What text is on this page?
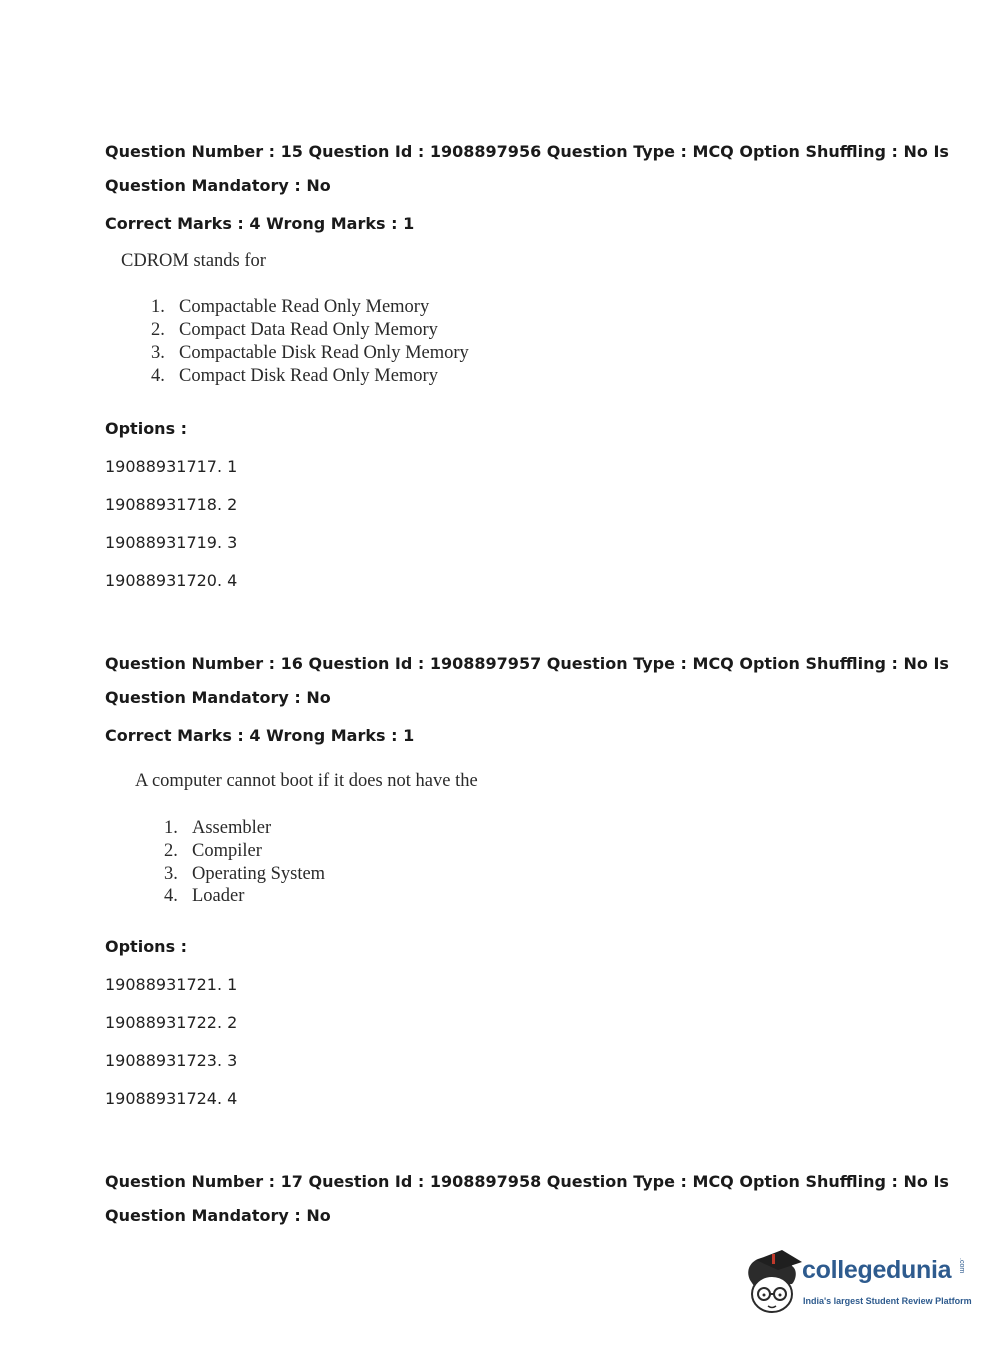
Question Number : 15 Question Id : 1908897956 Question Type : MCQ Option Shuffling : No Is
Question Mandatory : No
Correct Marks : 4 Wrong Marks : 1
CDROM stands for
1. Compactable Read Only Memory
2. Compact Data Read Only Memory
3. Compactable Disk Read Only Memory
4. Compact Disk Read Only Memory
Options :
19088931717. 1
19088931718. 2
19088931719. 3
19088931720. 4
Question Number : 16 Question Id : 1908897957 Question Type : MCQ Option Shuffling : No Is
Question Mandatory : No
Correct Marks : 4 Wrong Marks : 1
A computer cannot boot if it does not have the
1. Assembler
2. Compiler
3. Operating System
4. Loader
Options :
19088931721. 1
19088931722. 2
19088931723. 3
19088931724. 4
Question Number : 17 Question Id : 1908897958 Question Type : MCQ Option Shuffling : No Is
Question Mandatory : No
collegedunia .com
India's largest Student Review Platform
